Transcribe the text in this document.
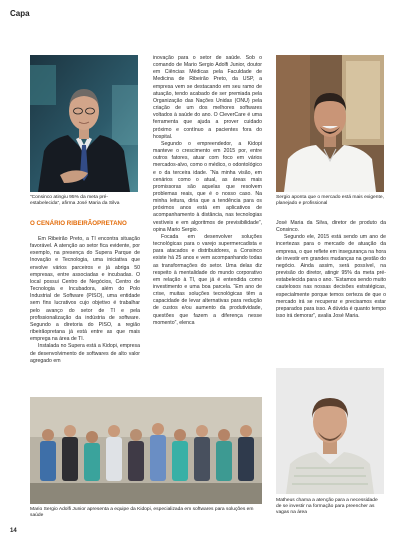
Capa
“Consinco atingiu 95% da meta pré-estabelecida”, afirma José Maria da Silva
O CENÁRIO RIBEIRÃOPRETANO

Em Ribeirão Preto, a TI encontra situação favorável. A atenção ao setor fica evidente, por exemplo, na presença do Supera Parque de Inovação e Tecnologia, uma iniciativa que envolve vários parceiros e já abriga 50 empresas, entre associadas e incubadas. O local possui Centro de Negócios, Centro de Tecnologia e Incubadora, além do Polo Industrial de Software (PISO), uma entidade sem fins lucrativos cujo objetivo é trabalhar pelo avanço do setor de TI e pela profissionalização da indústria de software. Segundo a diretoria do PISO, a região ribeirãopretana já está entre as que mais emprega na área de TI.

Instalada no Supera está a Kidopi, empresa de desenvolvimento de softwares de alto valor agregado em

inovação para o setor de saúde. Sob o comando de Mario Sergio Adolfi Junior, doutor em Ciências Médicas pela Faculdade de Medicina de Ribeirão Preto, da USP, a empresa vem se destacando em seu ramo de atuação, tendo acabado de ser premiada pela Organização das Nações Unidas (ONU) pela criação de um dos melhores softwares voltados à saúde do ano. O CleverCare é uma ferramenta que ajuda a prover cuidado próximo e contínuo a pacientes fora do hospital.

Segundo o empreendedor, a Kidopi manteve o crescimento em 2015 por, entre outros fatores, atuar com foco em vários mercados-alvo, como o médico, o odontológico e o da terceira idade. “Na minha visão, em cenários como o atual, as áreas mais promissoras são aquelas que resolvem problemas reais, que é o nosso caso. Na minha leitura, diria que a tendência para os próximos anos está em aplicativos de acompanhamento à distância, nas tecnologias vestíveis e em algoritmos de previsibilidade”, opina Mario Sergio.

Focada em desenvolver soluções tecnológicas para o varejo supermercadista e para atacados e distribuidores, a Consinco existe há 25 anos e vem acompanhando todas as transformações do setor. Uma delas diz respeito à mentalidade do mundo corporativo em relação à TI, que já é entendida como investimento e uma boa parcela. “Em ano de crise, muitas soluções tecnológicas têm a capacidade de levar alternativas para redução de custos e/ou aumento da produtividade, questões que fazem a diferença nesse momento”, elenca

Sergio aponta que o mercado está mais exigente, planejado e profissional

José Maria da Silva, diretor de produto da Consinco.

Segundo ele, 2015 está sendo um ano de incertezas para o mercado de atuação da empresa, o que reflete em insegurança na hora de investir em grandes mudanças na gestão do negócio. Ainda assim, será possível, na previsão do diretor, atingir 95% da meta pré-estabelecida para o ano. “Estamos sendo muito cautelosos nas nossas decisões estratégicas, especialmente porque temos certeza de que o mercado irá se recuperar e precisamos estar preparados para isso. A dúvida é quanto tempo isso irá demorar”, avalia José Maria.

Mario Sergio Adolfi Junior apresenta a equipe da Kidopi, especializada em softwares para soluções em saúde
Matheus chama a atenção para a necessidade de se investir na formação para preencher as vagas na área
14
